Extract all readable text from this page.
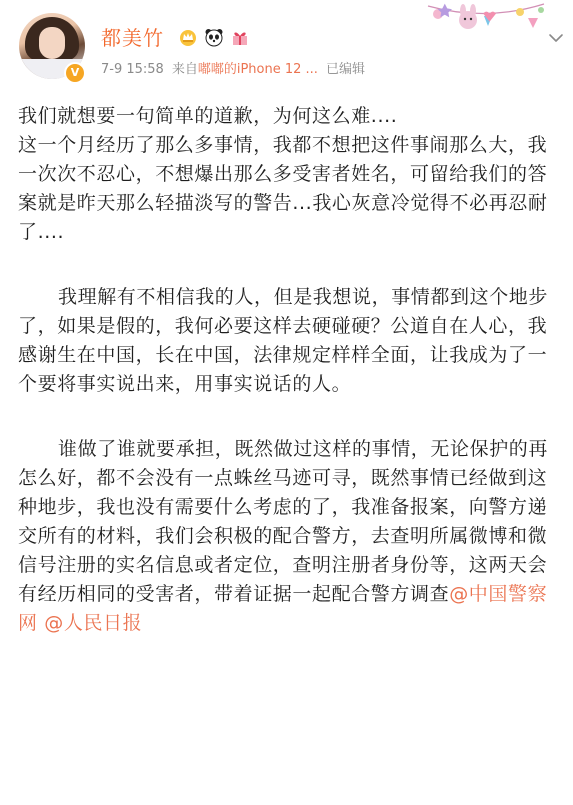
V
都美竹
7-9 15:58 来自嘟嘟的iPhone 12 ... 已编辑

我们就想要一句简单的道歉，为何这么难....
这一个月经历了那么多事情，我都不想把这件事闹那么大，我一次次不忍心，不想爆出那么多受害者姓名，可留给我们的答案就是昨天那么轻描淡写的警告...我心灰意冷觉得不必再忍耐了....

我理解有不相信我的人，但是我想说，事情都到这个地步了，如果是假的，我何必要这样去硬碰硬？公道自在人心，我感谢生在中国，长在中国，法律规定样样全面，让我成为了一个要将事实说出来，用事实说话的人。

谁做了谁就要承担，既然做过这样的事情，无论保护的再怎么好，都不会没有一点蛛丝马迹可寻，既然事情已经做到这种地步，我也没有需要什么考虑的了，我准备报案，向警方递交所有的材料，我们会积极的配合警方，去查明所属微博和微信号注册的实名信息或者定位，查明注册者身份等，这两天会有经历相同的受害者，带着证据一起配合警方调查@中国警察网 @人民日报
